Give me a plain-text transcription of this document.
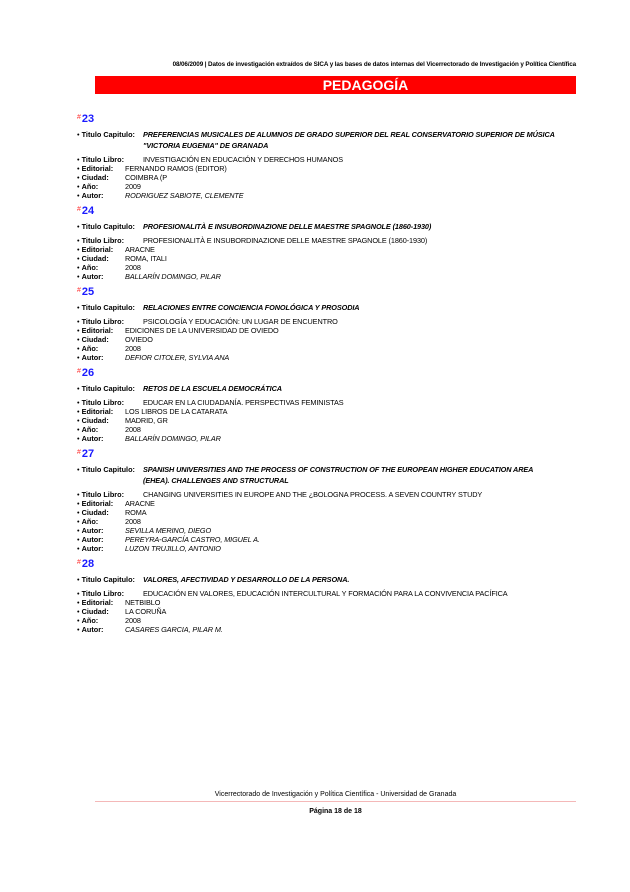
08/06/2009 | Datos de investigación extraídos de SICA y las bases de datos internas del Vicerrectorado de Investigación y Política Científica
PEDAGOGÍA
#23
• Titulo Capitulo:	PREFERENCIAS MUSICALES DE ALUMNOS DE GRADO SUPERIOR DEL REAL CONSERVATORIO SUPERIOR DE MÚSICA "VICTORIA EUGENIA" DE GRANADA
• Titulo Libro:	INVESTIGACIÓN EN EDUCACIÓN Y DERECHOS HUMANOS
• Editorial:	FERNANDO RAMOS (EDITOR)
• Ciudad:	COIMBRA (P
• Año:	2009
• Autor:	RODRIGUEZ SABIOTE, CLEMENTE
#24
• Titulo Capitulo:	PROFESIONALITÀ E INSUBORDINAZIONE DELLE MAESTRE SPAGNOLE (1860-1930)
• Titulo Libro:	PROFESIONALITÀ E INSUBORDINAZIONE DELLE MAESTRE SPAGNOLE (1860-1930)
• Editorial:	ARACNE
• Ciudad:	ROMA, ITALI
• Año:	2008
• Autor:	BALLARÍN DOMINGO, PILAR
#25
• Titulo Capitulo:	RELACIONES ENTRE CONCIENCIA FONOLÓGICA Y PROSODIA
• Titulo Libro:	PSICOLOGÍA Y EDUCACIÓN: UN LUGAR DE ENCUENTRO
• Editorial:	EDICIONES DE LA UNIVERSIDAD DE OVIEDO
• Ciudad:	OVIEDO
• Año:	2008
• Autor:	DEFIOR CITOLER, SYLVIA ANA
#26
• Titulo Capitulo:	RETOS DE LA ESCUELA DEMOCRÁTICA
• Titulo Libro:	EDUCAR EN LA CIUDADANÍA. PERSPECTIVAS FEMINISTAS
• Editorial:	LOS LIBROS DE LA CATARATA
• Ciudad:	MADRID, GR
• Año:	2008
• Autor:	BALLARÍN DOMINGO, PILAR
#27
• Titulo Capitulo:	SPANISH UNIVERSITIES AND THE PROCESS OF CONSTRUCTION OF THE EUROPEAN HIGHER EDUCATION AREA (EHEA). CHALLENGES AND STRUCTURAL
• Titulo Libro:	CHANGING UNIVERSITIES IN EUROPE AND THE ¿BOLOGNA PROCESS. A SEVEN COUNTRY STUDY
• Editorial:	ARACNE
• Ciudad:	ROMA
• Año:	2008
• Autor:	SEVILLA MERINO, DIEGO
• Autor:	PEREYRA-GARCÍA CASTRO, MIGUEL A.
• Autor:	LUZON TRUJILLO, ANTONIO
#28
• Titulo Capitulo:	VALORES, AFECTIVIDAD Y DESARROLLO DE LA PERSONA.
• Titulo Libro:	EDUCACIÓN EN VALORES, EDUCACIÓN INTERCULTURAL Y FORMACIÓN PARA LA CONVIVENCIA PACÍFICA
• Editorial:	NETBIBLO
• Ciudad:	LA CORUÑA
• Año:	2008
• Autor:	CASARES GARCIA, PILAR M.
Vicerrectorado de Investigación y Política Científica - Universidad de Granada
Página 18 de 18
